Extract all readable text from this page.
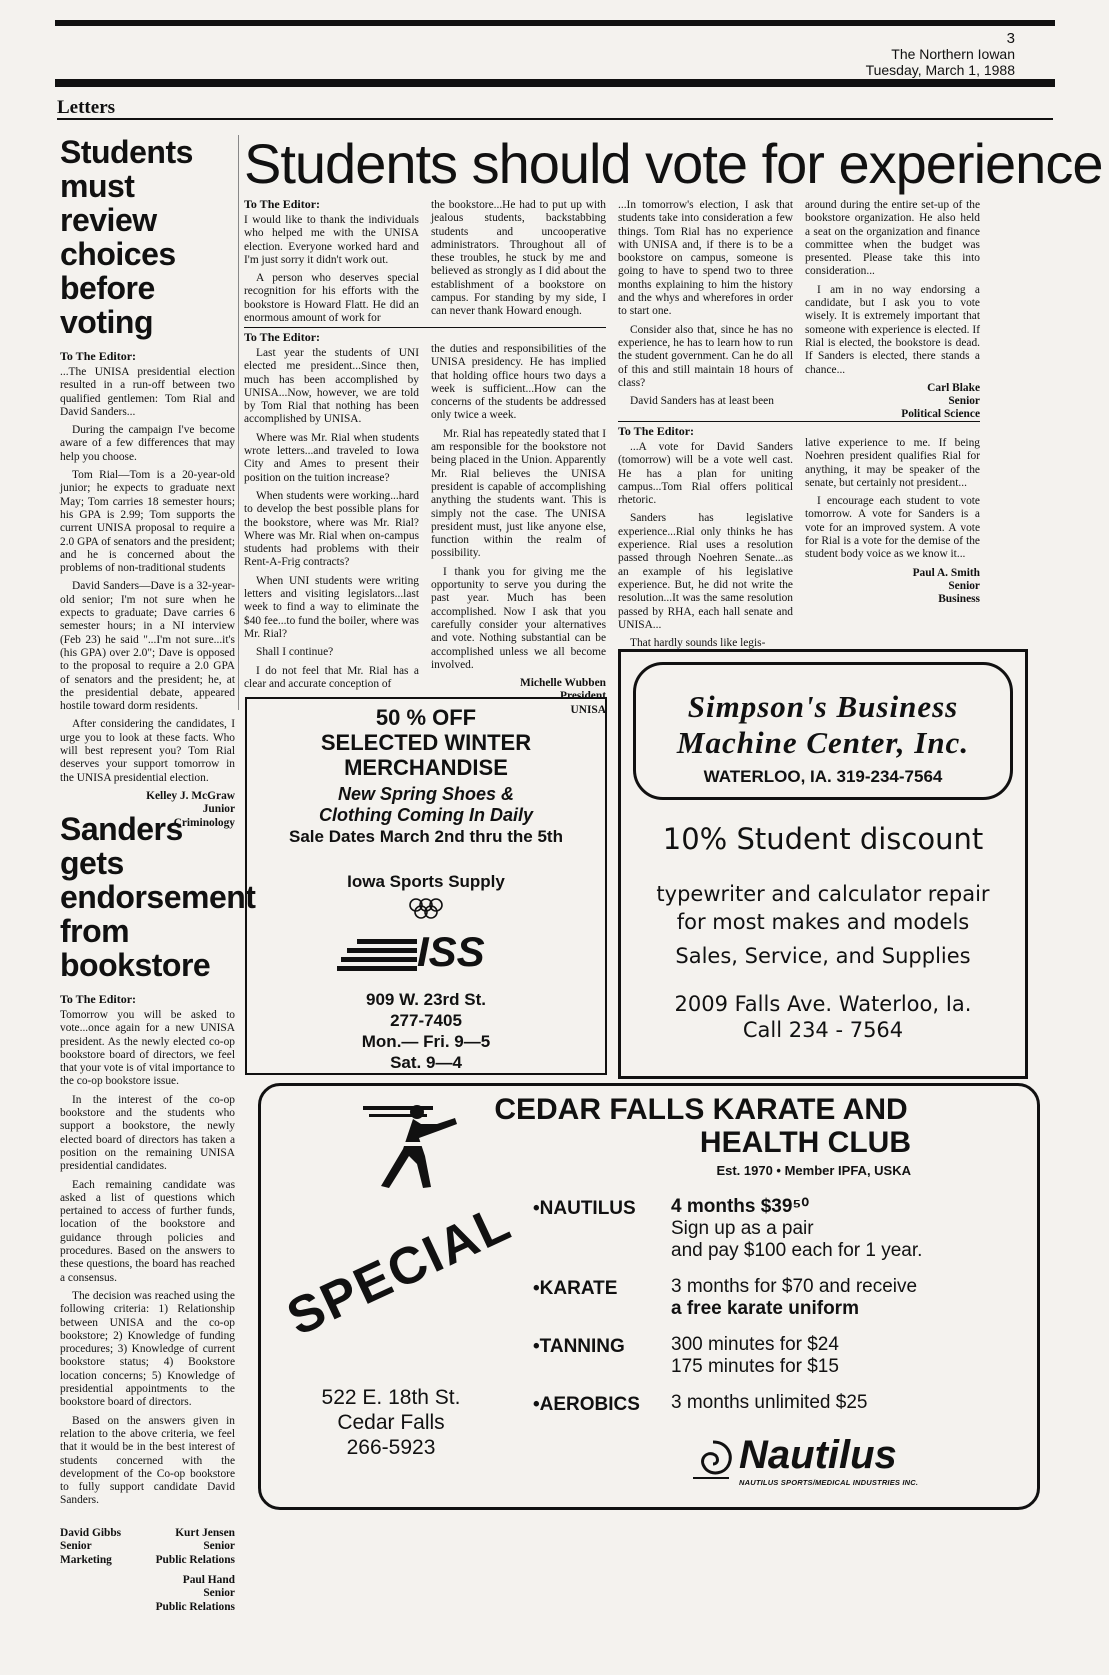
3
The Northern Iowan
Tuesday, March 1, 1988
Letters
Students must review choices before voting
To The Editor:

...The UNISA presidential election resulted in a run-off between two qualified gentlemen: Tom Rial and David Sanders...

During the campaign I've become aware of a few differences that may help you choose.

Tom Rial—Tom is a 20-year-old junior; he expects to graduate next May; Tom carries 18 semester hours; his GPA is 2.99; Tom supports the current UNISA proposal to require a 2.0 GPA of senators and the president; and he is concerned about the problems of non-traditional students

David Sanders—Dave is a 32-year-old senior; I'm not sure when he expects to graduate; Dave carries 6 semester hours; in a NI interview (Feb 23) he said "...I'm not sure...it's (his GPA) over 2.0"; Dave is opposed to the proposal to require a 2.0 GPA of senators and the president; he, at the presidential debate, appeared hostile toward dorm residents.

After considering the candidates, I urge you to look at these facts. Who will best represent you? Tom Rial deserves your support tomorrow in the UNISA presidential election.

Kelley J. McGraw
Junior
Criminology
Sanders gets endorsement from bookstore
To The Editor:

Tomorrow you will be asked to vote...once again for a new UNISA president. As the newly elected co-op bookstore board of directors, we feel that your vote is of vital importance to the co-op bookstore issue.

In the interest of the co-op bookstore and the students who support a bookstore, the newly elected board of directors has taken a position on the remaining UNISA presidential candidates.

Each remaining candidate was asked a list of questions which pertained to access of further funds, location of the bookstore and guidance through policies and procedures. Based on the answers to these questions, the board has reached a consensus.

The decision was reached using the following criteria: 1) Relationship between UNISA and the co-op bookstore; 2) Knowledge of funding procedures; 3) Knowledge of current bookstore status; 4) Bookstore location concerns; 5) Knowledge of presidential appointments to the bookstore board of directors.

Based on the answers given in relation to the above criteria, we feel that it would be in the best interest of students concerned with the development of the Co-op bookstore to fully support candidate David Sanders.

David Gibbs
Senior
Marketing
Kurt Jensen
Senior
Public Relations
Paul Hand
Senior
Public Relations
Students should vote for experience
To The Editor:

I would like to thank the individuals who helped me with the UNISA election. Everyone worked hard and I'm just sorry it didn't work out.

A person who deserves special recognition for his efforts with the bookstore is Howard Flatt. He did an enormous amount of work for

the bookstore...He had to put up with jealous students, backstabbing students and uncooperative administrators. Throughout all of these troubles, he stuck by me and believed as strongly as I did about the establishment of a bookstore on campus. For standing by my side, I can never thank Howard enough.

To The Editor:

Last year the students of UNI elected me president...Since then, much has been accomplished by UNISA...Now, however, we are told by Tom Rial that nothing has been accomplished by UNISA.

Where was Mr. Rial when students wrote letters...and traveled to Iowa City and Ames to present their position on the tuition increase?

When students were working...hard to develop the best possible plans for the bookstore, where was Mr. Rial? Where was Mr. Rial when on-campus students had problems with their Rent-A-Frig contracts?

When UNI students were writing letters and visiting legislators...last week to find a way to eliminate the $40 fee...to fund the boiler, where was Mr. Rial?

Shall I continue?

I do not feel that Mr. Rial has a clear and accurate conception of

the duties and responsibilities of the UNISA presidency. He has implied that holding office hours two days a week is sufficient...How can the concerns of the students be addressed only twice a week.

Mr. Rial has repeatedly stated that I am responsible for the bookstore not being placed in the Union. Apparently Mr. Rial believes the UNISA president is capable of accomplishing anything the students want. This is simply not the case. The UNISA president must, just like anyone else, function within the realm of possibility.

I thank you for giving me the opportunity to serve you during the past year. Much has been accomplished. Now I ask that you carefully consider your alternatives and vote. Nothing substantial can be accomplished unless we all become involved.

Michelle Wubben
President
UNISA

...In tomorrow's election, I ask that students take into consideration a few things. Tom Rial has no experience with UNISA and, if there is to be a bookstore on campus, someone is going to have to spend two to three months explaining to him the history and the whys and wherefores in order to start one.

Consider also that, since he has no experience, he has to learn how to run the student government. Can he do all of this and still maintain 18 hours of class?

David Sanders has at least been

around during the entire set-up of the bookstore organization. He also held a seat on the organization and finance committee when the budget was presented. Please take this into consideration...

I am in no way endorsing a candidate, but I ask you to vote wisely. It is extremely important that someone with experience is elected. If Rial is elected, the bookstore is dead. If Sanders is elected, there stands a chance...

Carl Blake
Senior
Political Science
To The Editor:

...A vote for David Sanders (tomorrow) will be a vote well cast. He has a plan for uniting campus...Tom Rial offers political rhetoric.

Sanders has legislative experience...Rial only thinks he has experience. Rial uses a resolution passed through Noehren Senate...as an example of his legislative experience. But, he did not write the resolution...It was the same resolution passed by RHA, each hall senate and UNISA...

That hardly sounds like legis-

lative experience to me. If being Noehren president qualifies Rial for anything, it may be speaker of the senate, but certainly not president...

I encourage each student to vote tomorrow. A vote for Sanders is a vote for an improved system. A vote for Rial is a vote for the demise of the student body voice as we know it...

Paul A. Smith
Senior
Business
50 % OFF
SELECTED WINTER
MERCHANDISE
New Spring Shoes &
Clothing Coming In Daily
Sale Dates March 2nd thru the 5th
Iowa Sports Supply
ISS
909 W. 23rd St.
277-7405
Mon.— Fri. 9—5
Sat. 9—4
Simpson's Business
Machine Center, Inc.
WATERLOO, IA. 319-234-7564
10% Student discount
typewriter and calculator repair
for most makes and models
Sales, Service, and Supplies
2009 Falls Ave. Waterloo, Ia.
Call 234 - 7564
CEDAR FALLS KARATE AND
HEALTH CLUB
Est. 1970 • Member IPFA, USKA
SPECIAL
522 E. 18th St.
Cedar Falls
266-5923
•NAUTILUS 4 months $39⁵⁰
Sign up as a pair
and pay $100 each for 1 year.
•KARATE	3 months for $70 and receive
a free karate uniform
•TANNING 300 minutes for $24
175 minutes for $15
•AEROBICS 3 months unlimited $25
Nautilus
NAUTILUS SPORTS/MEDICAL INDUSTRIES INC.
